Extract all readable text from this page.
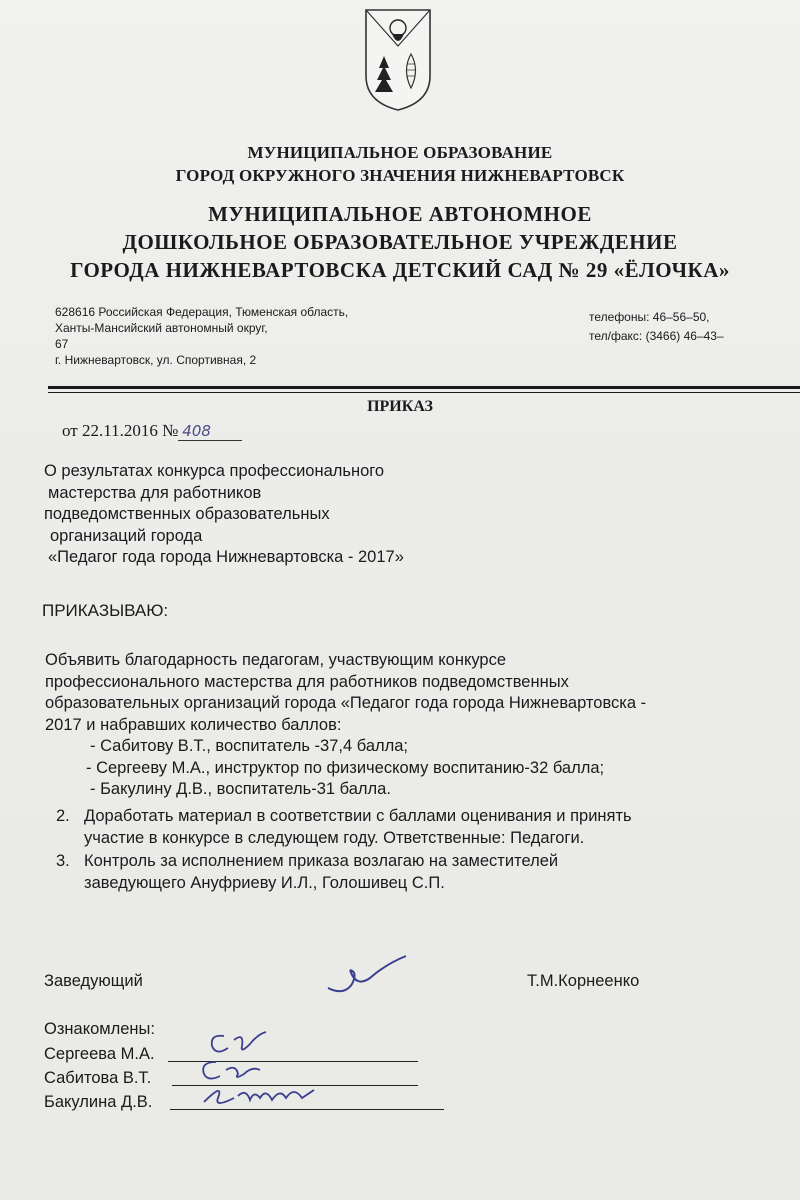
МУНИЦИПАЛЬНОЕ ОБРАЗОВАНИЕ
ГОРОД ОКРУЖНОГО ЗНАЧЕНИЯ НИЖНЕВАРТОВСК
МУНИЦИПАЛЬНОЕ АВТОНОМНОЕ
ДОШКОЛЬНОЕ ОБРАЗОВАТЕЛЬНОЕ УЧРЕЖДЕНИЕ
ГОРОДА НИЖНЕВАРТОВСКА ДЕТСКИЙ САД № 29 «ЁЛОЧКА»
628616 Российская Федерация, Тюменская область,
Ханты-Мансийский автономный округ,
67
г. Нижневартовск, ул. Спортивная, 2
телефоны: 46–56–50,
тел/факс: (3466) 46–43–
ПРИКАЗ
от 22.11.2016 № 408
О результатах конкурса профессионального
мастерства для работников
подведомственных образовательных
организаций города
«Педагог года города Нижневартовска - 2017»
ПРИКАЗЫВАЮ:
Объявить благодарность педагогам, участвующим конкурсе
профессионального мастерства для работников подведомственных
образовательных организаций города «Педагог года города Нижневартовска -
2017 и набравших количество баллов:
- Сабитову В.Т., воспитатель -37,4 балла;
- Сергееву М.А., инструктор по физическому воспитанию-32 балла;
- Бакулину Д.В., воспитатель-31 балла.
2. Доработать материал в соответствии с баллами оценивания и принять
участие в конкурсе в следующем году. Ответственные: Педагоги.
3. Контроль за исполнением приказа возлагаю на заместителей
заведующего Ануфриеву И.Л., Голошивец С.П.
Заведующий	Т.М.Корнеенко
Ознакомлены:
Сергеева М.А.
Сабитова В.Т.
Бакулина Д.В.
